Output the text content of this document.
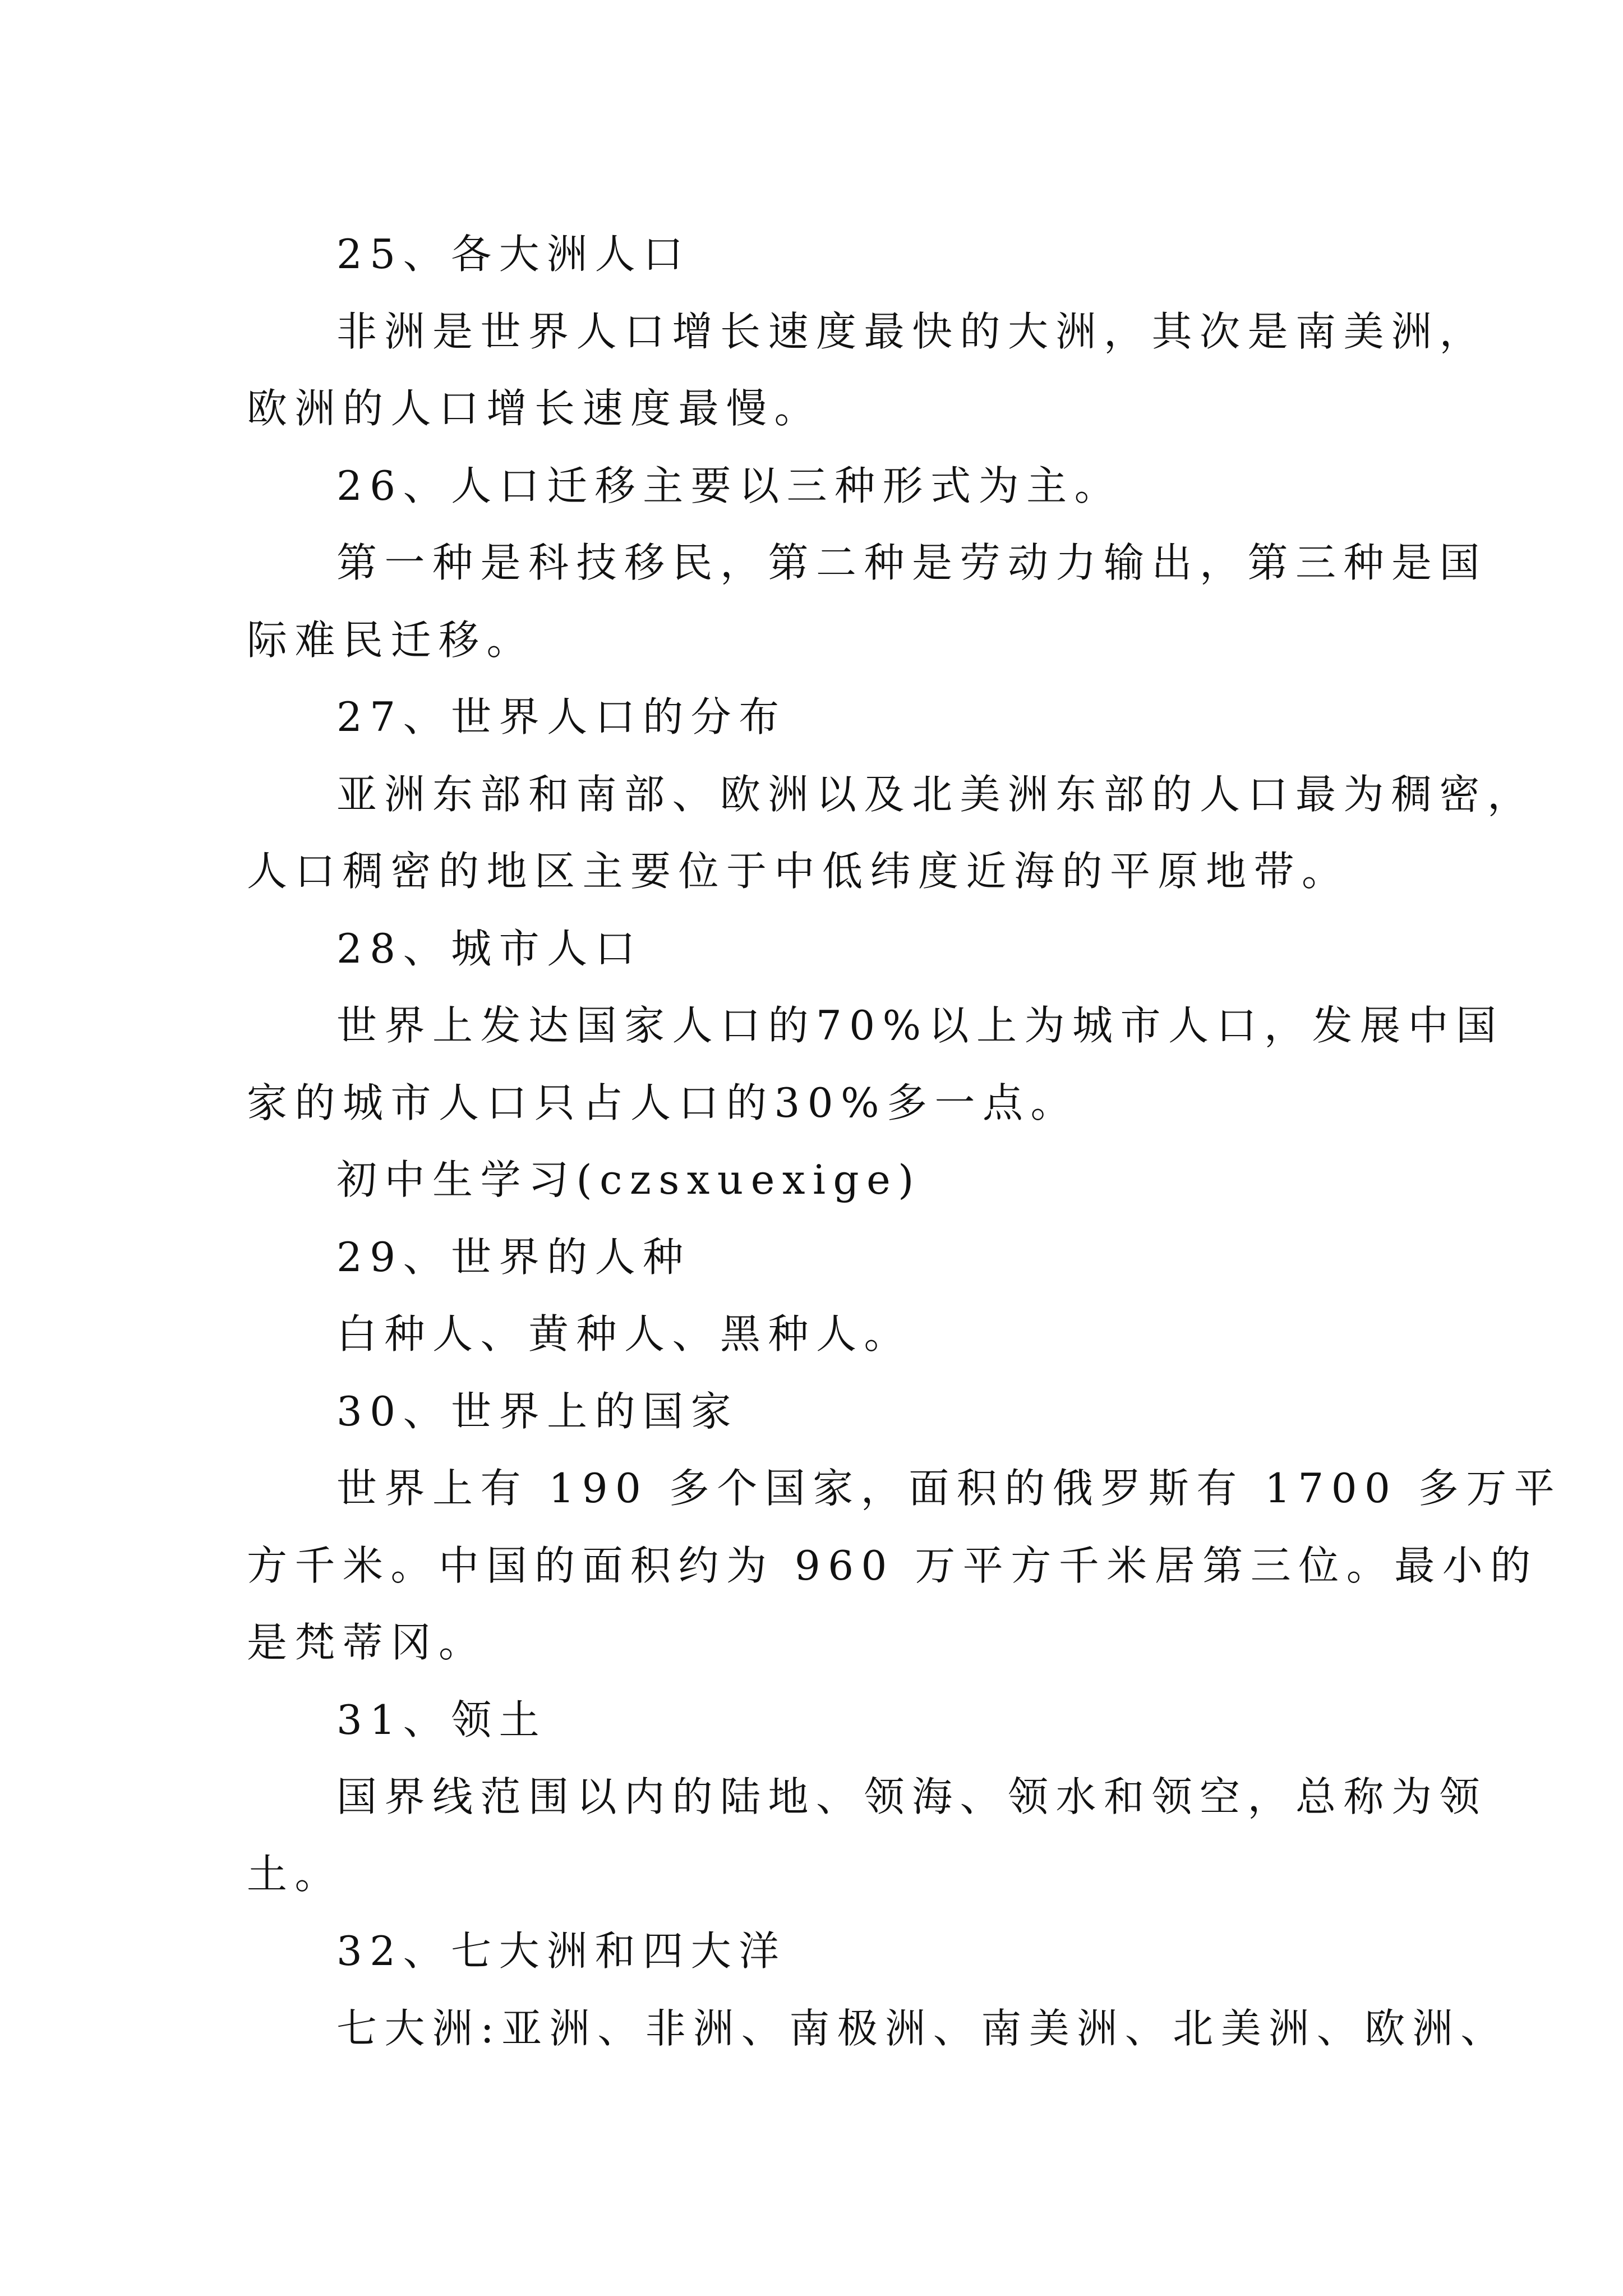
25、各大洲人口
非洲是世界人口增长速度最快的大洲，其次是南美洲，
欧洲的人口增长速度最慢。
26、人口迁移主要以三种形式为主。
第一种是科技移民，第二种是劳动力输出，第三种是国
际难民迁移。
27、世界人口的分布
亚洲东部和南部、欧洲以及北美洲东部的人口最为稠密，
人口稠密的地区主要位于中低纬度近海的平原地带。
28、城市人口
世界上发达国家人口的70%以上为城市人口，发展中国
家的城市人口只占人口的30%多一点。
初中生学习(czsxuexige)
29、世界的人种
白种人、黄种人、黑种人。
30、世界上的国家
世界上有 190 多个国家，面积的俄罗斯有 1700 多万平
方千米。中国的面积约为 960 万平方千米居第三位。最小的
是梵蒂冈。
31、领土
国界线范围以内的陆地、领海、领水和领空，总称为领
土。
32、七大洲和四大洋
七大洲:亚洲、非洲、南极洲、南美洲、北美洲、欧洲、
